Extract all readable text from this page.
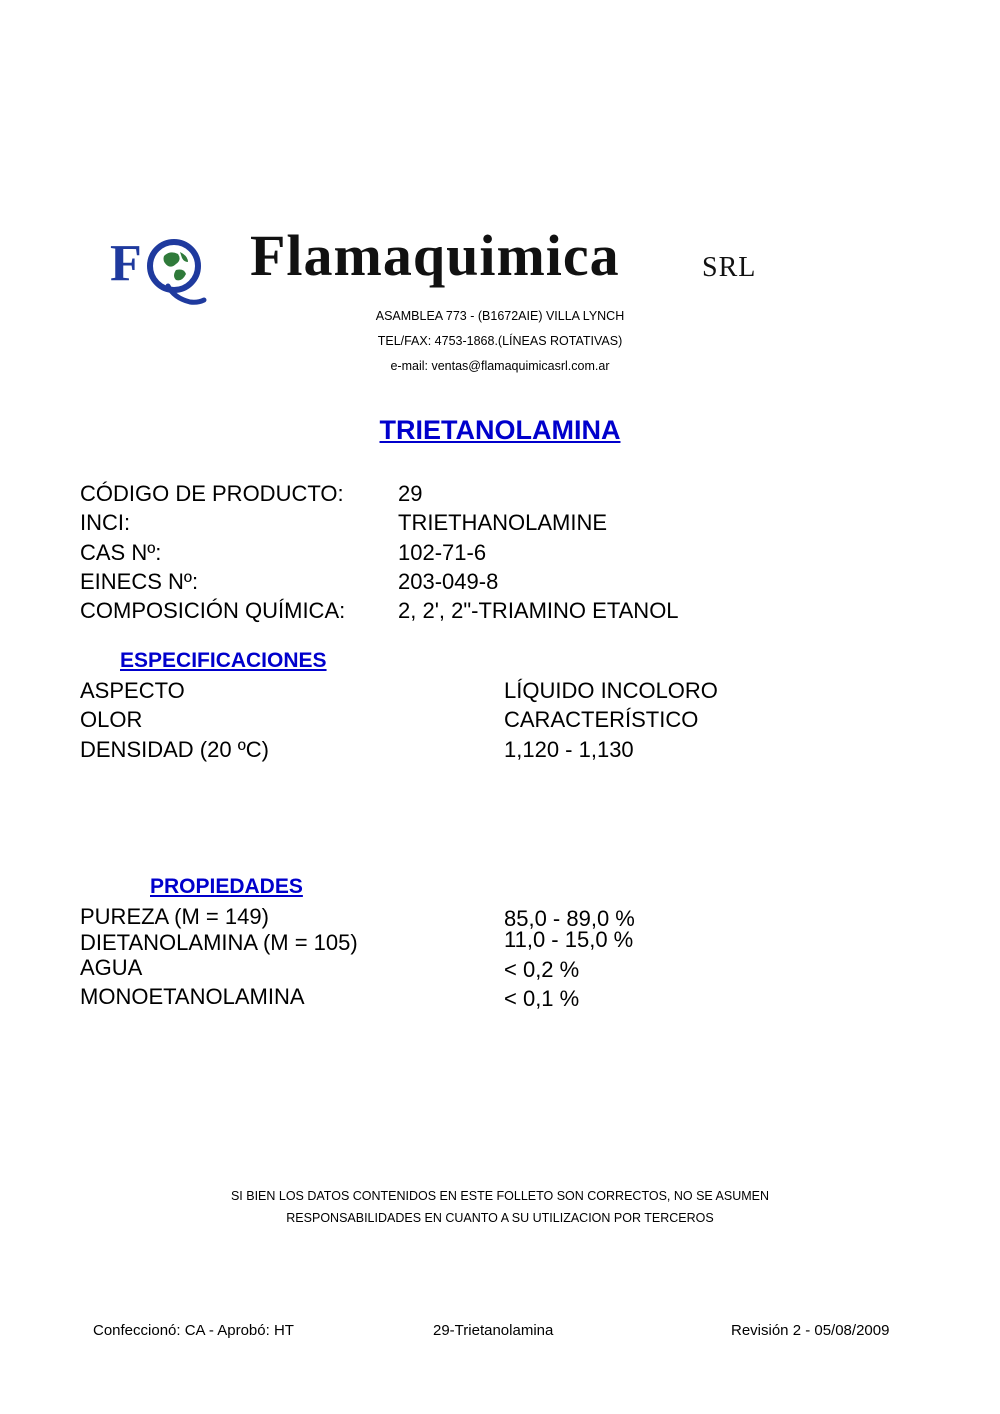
F Flamaquimica	SRL
ASAMBLEA 773 - (B1672AIE) VILLA LYNCH
TEL/FAX: 4753-1868.(LÍNEAS ROTATIVAS)
e-mail: ventas@flamaquimicasrl.com.ar
TRIETANOLAMINA
CÓDIGO DE PRODUCTO: 29
INCI:	TRIETHANOLAMINE
CAS Nº:	102-71-6
EINECS Nº:	203-049-8
COMPOSICIÓN QUÍMICA: 2, 2', 2"-TRIAMINO ETANOL
ESPECIFICACIONES
ASPECTO	LÍQUIDO INCOLORO
OLOR	CARACTERÍSTICO
DENSIDAD (20 ºC)	1,120 - 1,130
PROPIEDADES
PUREZA (M = 149)	85,0 - 89,0 %
DIETANOLAMINA (M = 105)	11,0 - 15,0 %
AGUA	< 0,2 %
MONOETANOLAMINA	< 0,1 %
SI BIEN LOS DATOS CONTENIDOS EN ESTE FOLLETO SON CORRECTOS, NO SE ASUMEN
RESPONSABILIDADES EN CUANTO A SU UTILIZACION POR TERCEROS
Confeccionó: CA - Aprobó: HT	29-Trietanolamina	Revisión 2 - 05/08/2009
